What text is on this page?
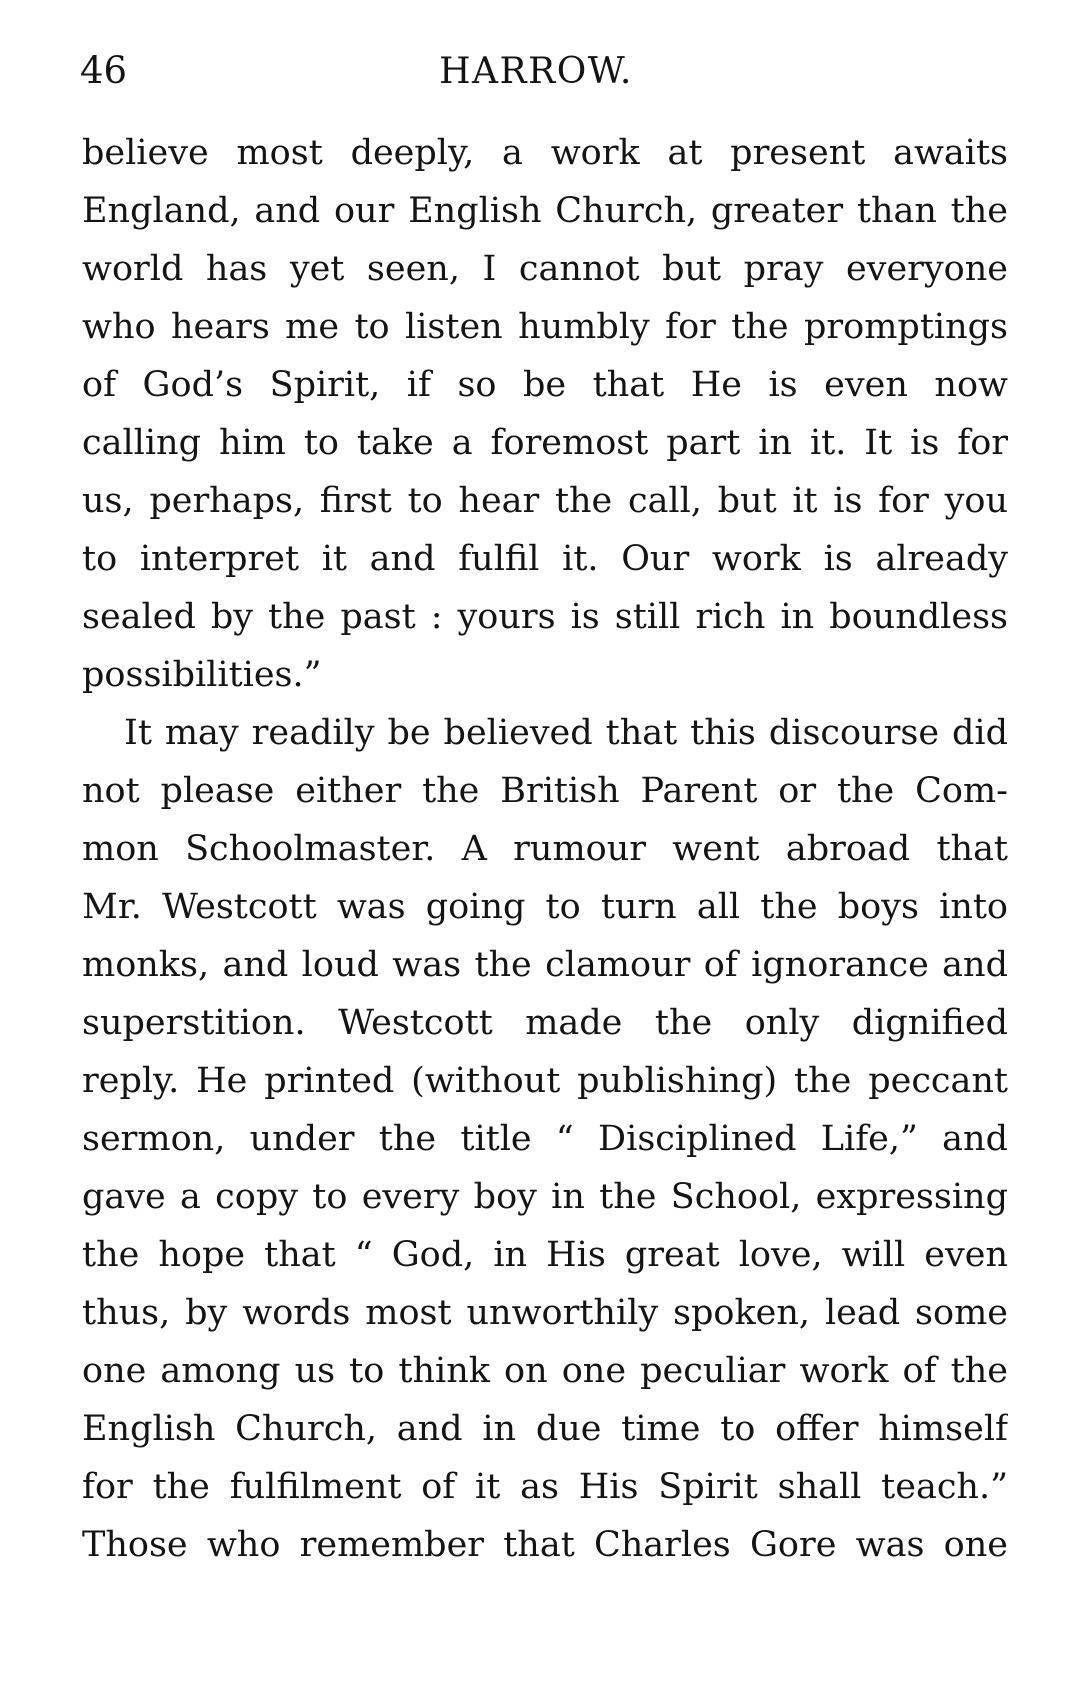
46	HARROW.
believe most deeply, a work at present awaits
England, and our English Church, greater than the
world has yet seen, I cannot but pray everyone
who hears me to listen humbly for the promptings
of God’s Spirit, if so be that He is even now
calling him to take a foremost part in it. It is for
us, perhaps, first to hear the call, but it is for you
to interpret it and fulfil it. Our work is already
sealed by the past : yours is still rich in boundless
possibilities.”
It may readily be believed that this discourse did
not please either the British Parent or the Com-
mon Schoolmaster. A rumour went abroad that
Mr. Westcott was going to turn all the boys into
monks, and loud was the clamour of ignorance and
superstition. Westcott made the only dignified
reply. He printed (without publishing) the peccant
sermon, under the title “ Disciplined Life,” and
gave a copy to every boy in the School, expressing
the hope that “ God, in His great love, will even
thus, by words most unworthily spoken, lead some
one among us to think on one peculiar work of the
English Church, and in due time to offer himself
for the fulfilment of it as His Spirit shall teach.”
Those who remember that Charles Gore was one
